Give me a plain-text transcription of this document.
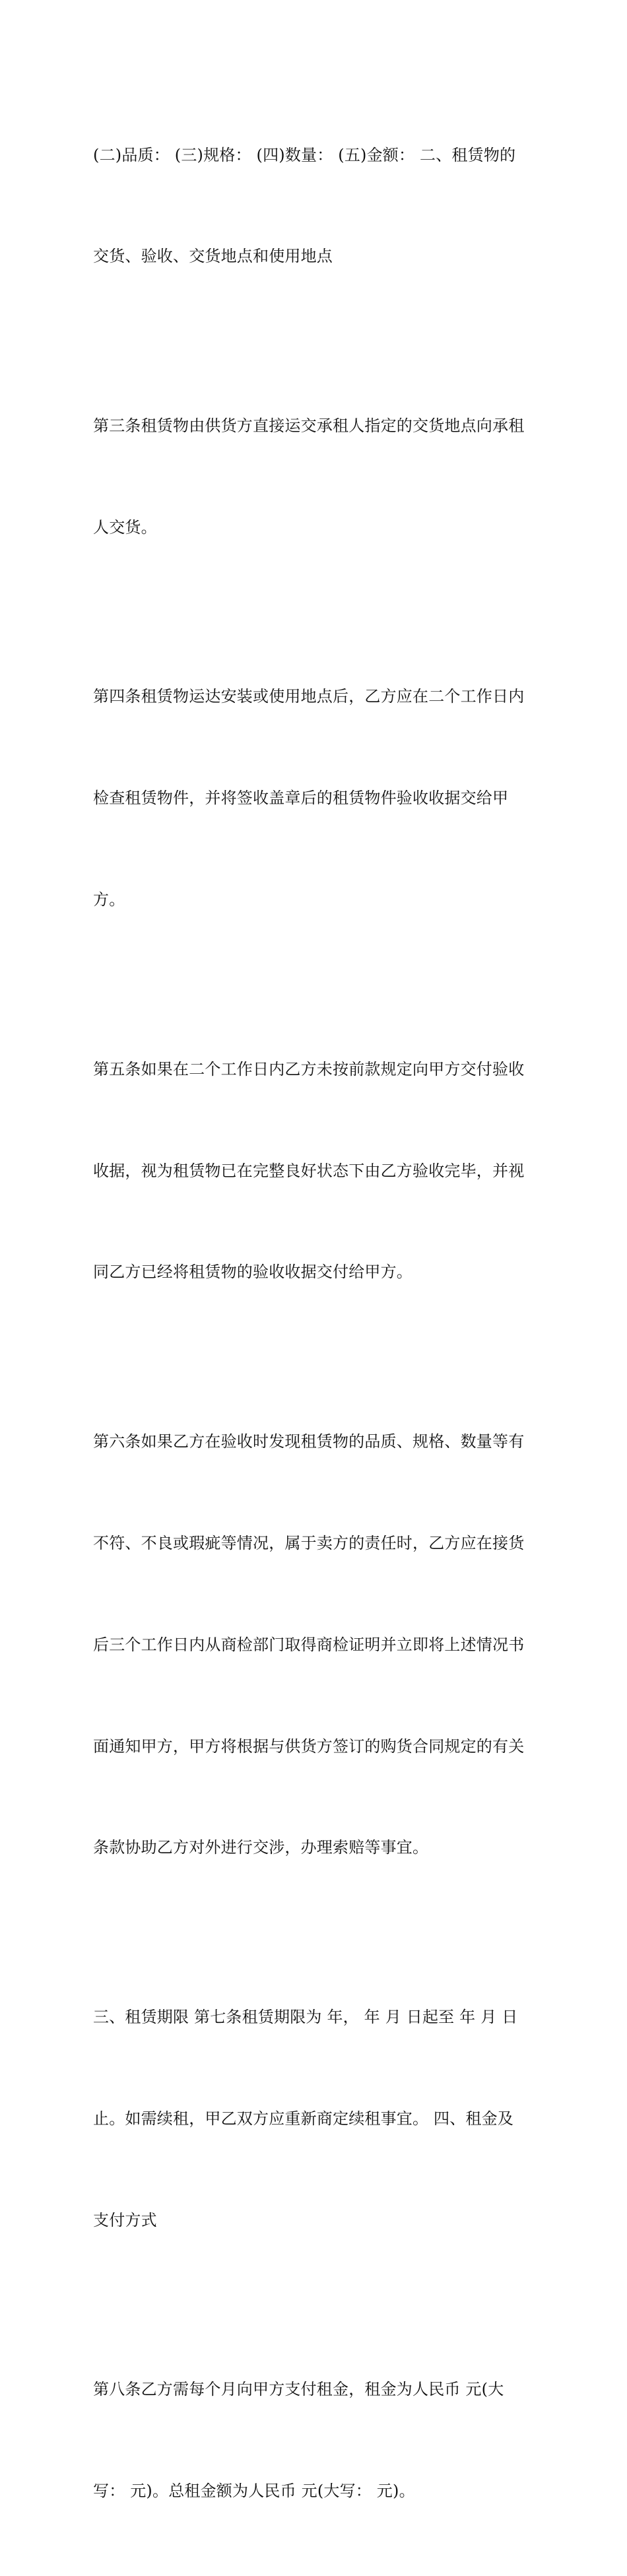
(二)品质： (三)规格： (四)数量： (五)金额： 二、租赁物的

交货、验收、交货地点和使用地点

第三条租赁物由供货方直接运交承租人指定的交货地点向承租

人交货。

第四条租赁物运达安装或使用地点后，乙方应在二个工作日内

检查租赁物件，并将签收盖章后的租赁物件验收收据交给甲

方。

第五条如果在二个工作日内乙方未按前款规定向甲方交付验收

收据，视为租赁物已在完整良好状态下由乙方验收完毕，并视

同乙方已经将租赁物的验收收据交付给甲方。

第六条如果乙方在验收时发现租赁物的品质、规格、数量等有

不符、不良或瑕疵等情况，属于卖方的责任时，乙方应在接货

后三个工作日内从商检部门取得商检证明并立即将上述情况书

面通知甲方，甲方将根据与供货方签订的购货合同规定的有关

条款协助乙方对外进行交涉，办理索赔等事宜。

三、租赁期限 第七条租赁期限为 年， 年 月 日起至 年 月 日

止。如需续租，甲乙双方应重新商定续租事宜。 四、租金及

支付方式

第八条乙方需每个月向甲方支付租金，租金为人民币 元(大

写： 元)。总租金额为人民币 元(大写： 元)。
